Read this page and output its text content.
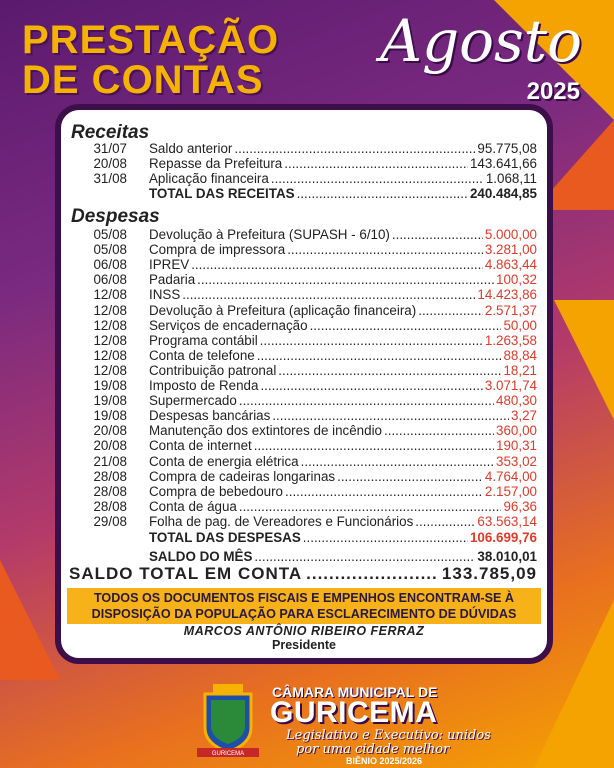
PRESTAÇÃO
DE CONTAS
Agosto
2025
Receitas
Despesas
SALDO TOTAL EM CONTA .....	133.785,09
TODOS OS DOCUMENTOS FISCAIS E EMPENHOS ENCONTRAM-SE À
DISPOSIÇÃO DA POPULAÇÃO PARA ESCLARECIMENTO DE DÚVIDAS
MARCOS ANTÔNIO RIBEIRO FERRAZ
Presidente
31/07 Saldo anterior .....	95.775,08
20/08 Repasse da Prefeitura .....	143.641,66
31/08 Aplicação financeira .....	1.068,11
TOTAL DAS RECEITAS .....	240.484,85
05/08 Devolução à Prefeitura (SUPASH - 6/10) .....	5.000,00
05/08 Compra de impressora .....	3.281,00
06/08 IPREV .....	4.863,44
06/08 Padaria .....	100,32
12/08 INSS .....	14.423,86
12/08 Devolução à Prefeitura (aplicação financeira) .....	2.571,37
12/08 Serviços de encadernação .....	50,00
12/08 Programa contábil .....	1.263,58
12/08 Conta de telefone .....	88,84
12/08 Contribuição patronal .....	18,21
19/08 Imposto de Renda .....	3.071,74
19/08 Supermercado .....	480,30
19/08 Despesas bancárias .....	3,27
20/08 Manutenção dos extintores de incêndio .....	360,00
20/08 Conta de internet .....	190,31
21/08 Conta de energia elétrica .....	353,02
28/08 Compra de cadeiras longarinas .....	4.764,00
28/08 Compra de bebedouro .....	2.157,00
28/08 Conta de água .....	96,36
29/08 Folha de pag. de Vereadores e Funcionários .....	63.563,14
TOTAL DAS DESPESAS .....	106.699,76
SALDO DO MÊS .....	38.010,01
GURICEMA
CÂMARA MUNICIPAL DE
GURICEMA
Legislativo e Executivo: unidos
por uma cidade melhor
BIÊNIO 2025/2026
